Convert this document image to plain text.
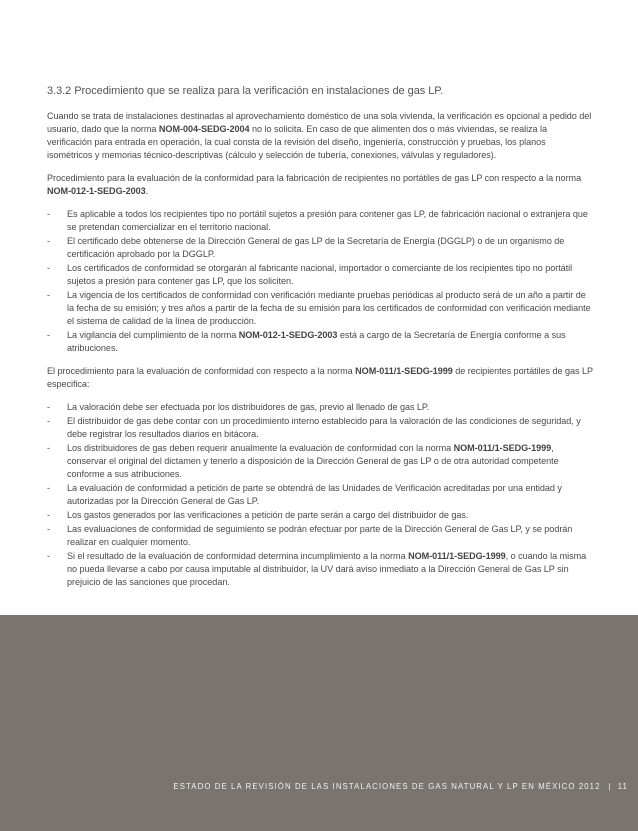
3.3.2 Procedimiento que se realiza para la verificación en instalaciones de gas LP.

Cuando se trata de instalaciones destinadas al aprovechamiento doméstico de una sola vivienda, la verificación es opcional a pedido del usuario, dado que la norma NOM-004-SEDG-2004 no lo solicita. En caso de que alimenten dos o más viviendas, se realiza la verificación para entrada en operación, la cual consta de la revisión del diseño, ingeniería, construcción y pruebas, los planos isométricos y memorias técnico-descriptivas (cálculo y selección de tubería, conexiones, válvulas y reguladores).

Procedimiento para la evaluación de la conformidad para la fabricación de recipientes no portátiles de gas LP con respecto a la norma NOM-012-1-SEDG-2003.

- Es aplicable a todos los recipientes tipo no portátil sujetos a presión para contener gas LP, de fabricación nacional o extranjera que se pretendan comercializar en el territorio nacional.
- El certificado debe obtenerse de la Dirección General de gas LP de la Secretaría de Energía (DGGLP) o de un organismo de certificación aprobado por la DGGLP.
- Los certificados de conformidad se otorgarán al fabricante nacional, importador o comerciante de los recipientes tipo no portátil sujetos a presión para contener gas LP, que los soliciten.
- La vigencia de los certificados de conformidad con verificación mediante pruebas periódicas al producto será de un año a partir de la fecha de su emisión; y tres años a partir de la fecha de su emisión para los certificados de conformidad con verificación mediante el sistema de calidad de la línea de producción.
- La vigilancia del cumplimiento de la norma NOM-012-1-SEDG-2003 está a cargo de la Secretaría de Energía conforme a sus atribuciones.

El procedimiento para la evaluación de conformidad con respecto a la norma NOM-011/1-SEDG-1999 de recipientes portátiles de gas LP especifica:

- La valoración debe ser efectuada por los distribuidores de gas, previo al llenado de gas LP.
- El distribuidor de gas debe contar con un procedimiento interno establecido para la valoración de las condiciones de seguridad, y debe registrar los resultados diarios en bitácora.
- Los distribuidores de gas deben requerir anualmente la evaluación de conformidad con la norma NOM-011/1-SEDG-1999, conservar el original del dictamen y tenerlo a disposición de la Dirección General de gas LP o de otra autoridad competente conforme a sus atribuciones.
- La evaluación de conformidad a petición de parte se obtendrá de las Unidades de Verificación acreditadas por una entidad y autorizadas por la Dirección General de Gas LP.
- Los gastos generados por las verificaciones a petición de parte serán a cargo del distribuidor de gas.
- Las evaluaciones de conformidad de seguimiento se podrán efectuar por parte de la Dirección General de Gas LP, y se podrán realizar en cualquier momento.
- Si el resultado de la evaluación de conformidad determina incumplimiento a la norma NOM-011/1-SEDG-1999, o cuando la misma no pueda llevarse a cabo por causa imputable al distribuidor, la UV dará aviso inmediato a la Dirección General de Gas LP sin prejuicio de las sanciones que procedan.
ESTADO DE LA REVISIÓN DE LAS INSTALACIONES DE GAS NATURAL Y LP EN MÉXICO 2012 | 11
